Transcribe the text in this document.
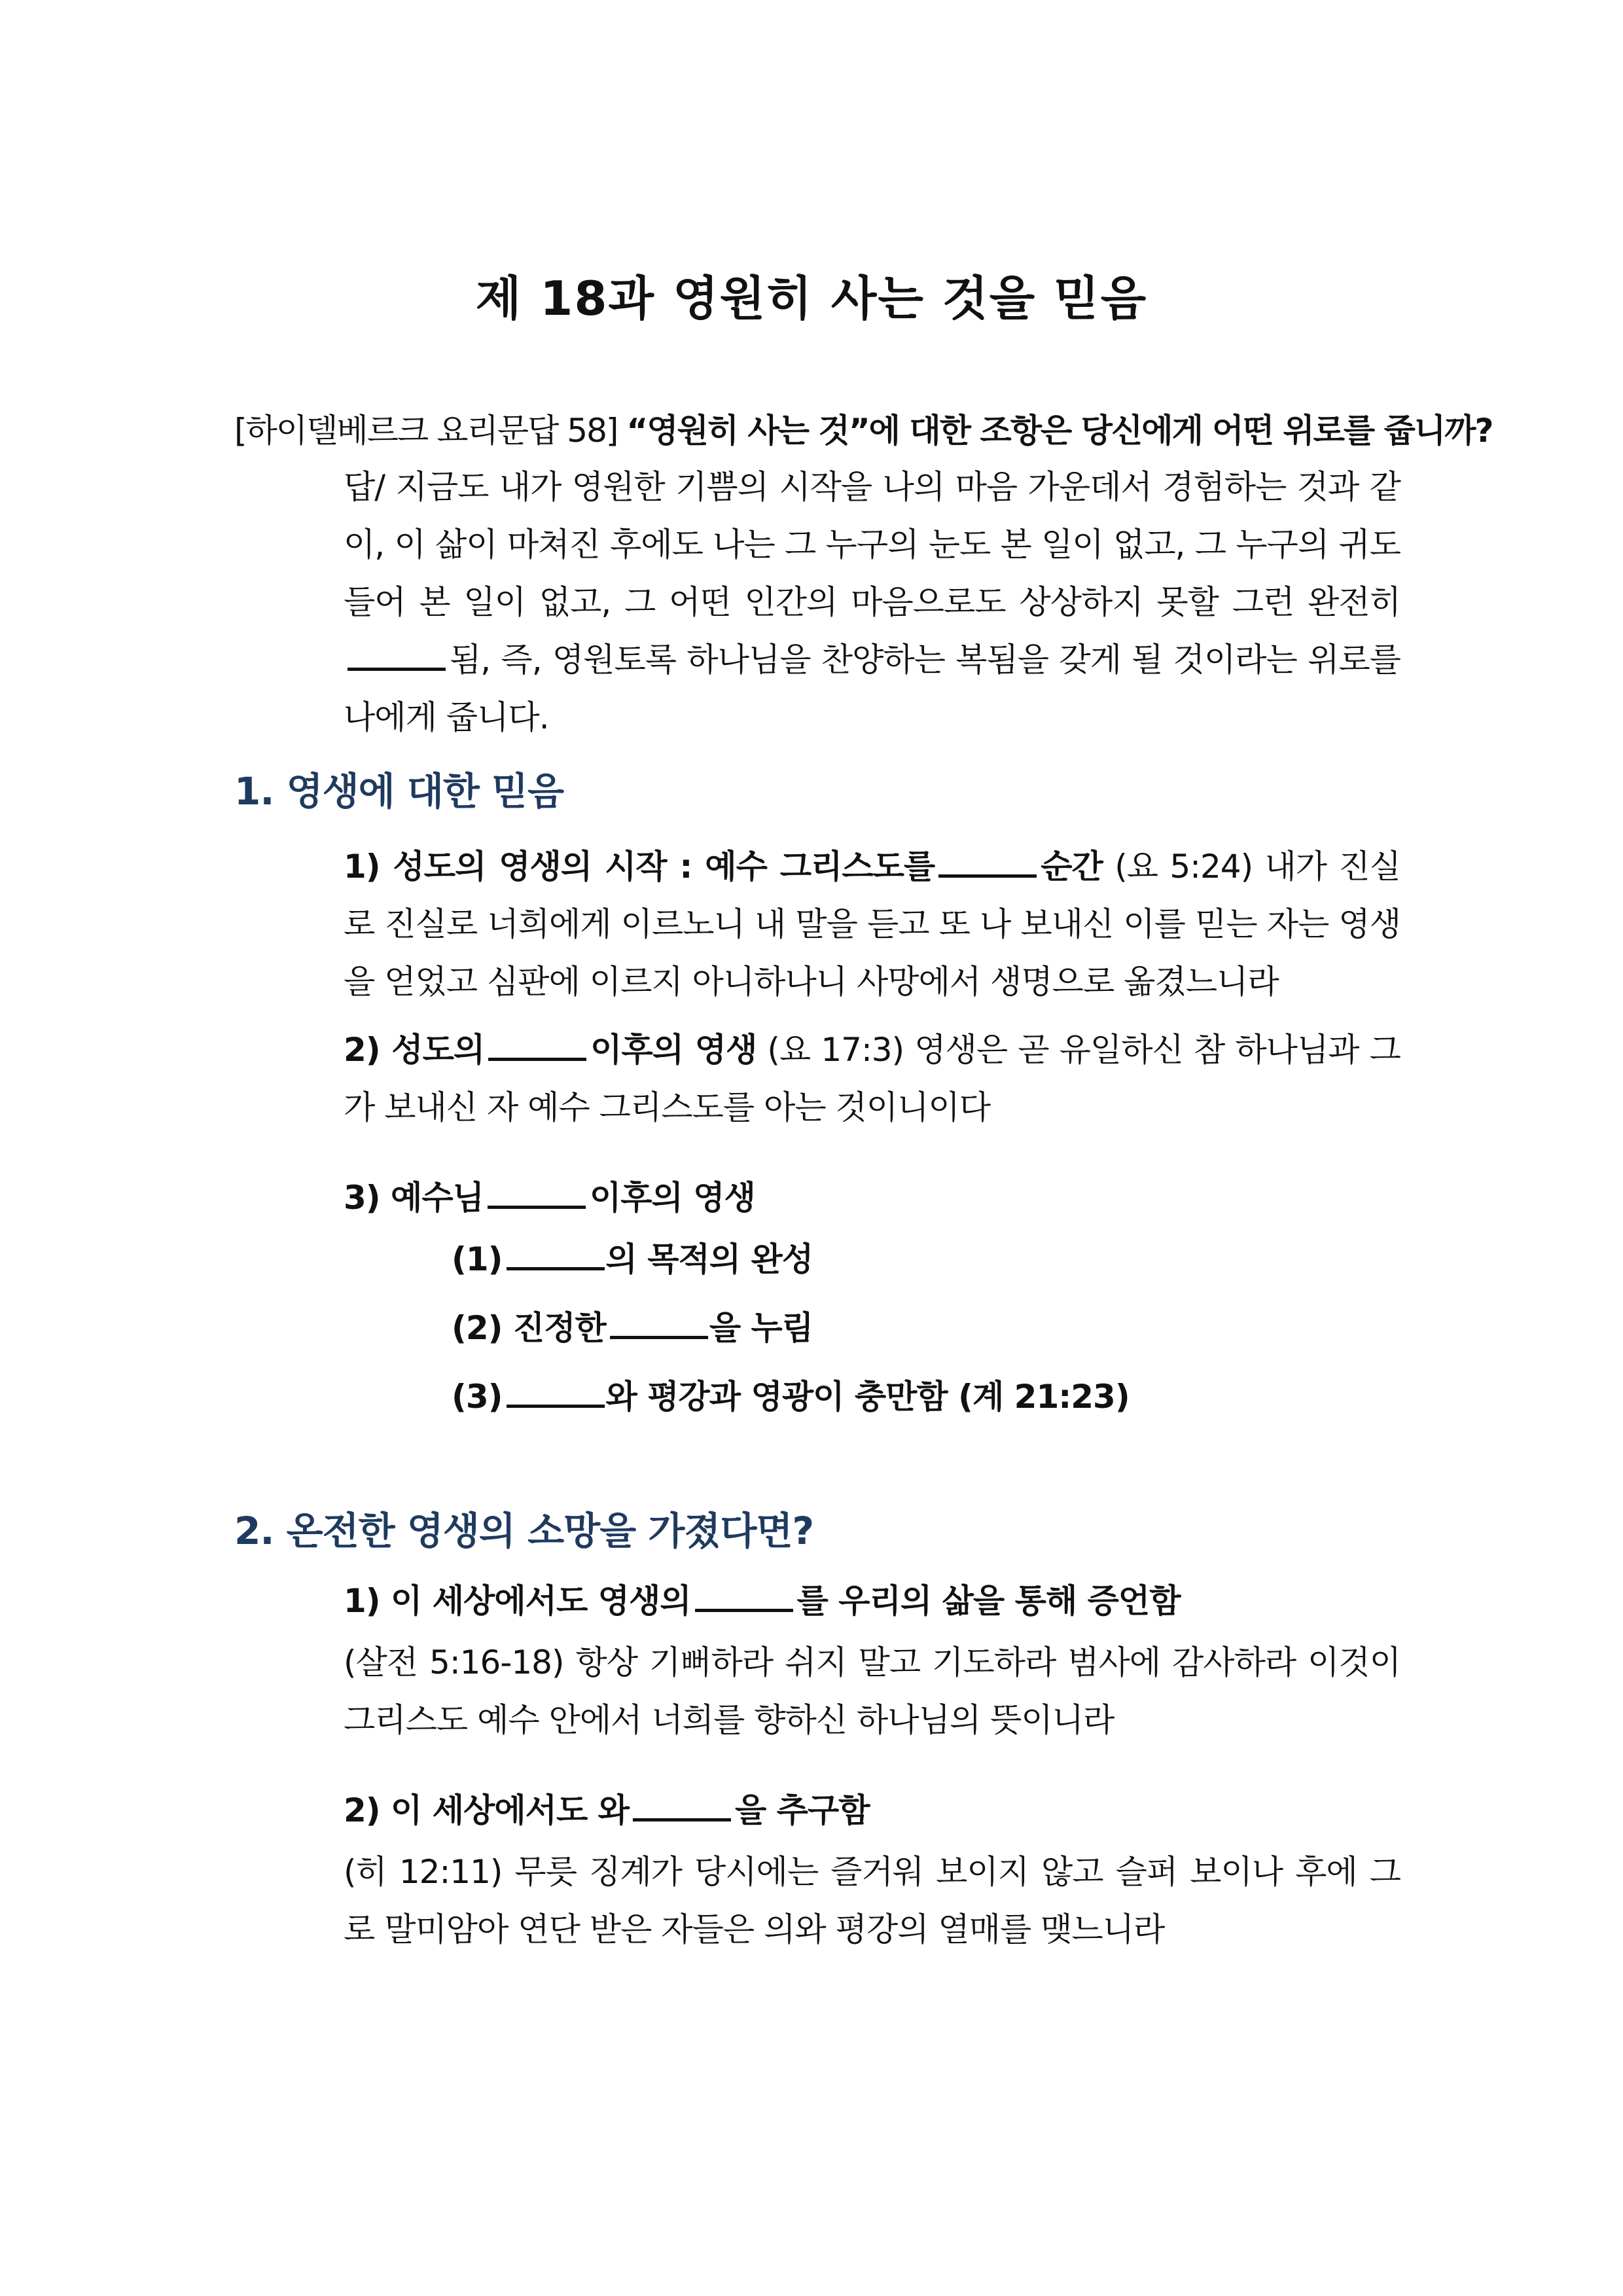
제 18과 영원히 사는 것을 믿음
[하이델베르크 요리문답 58] “영원히 사는 것”에 대한 조항은 당신에게 어떤 위로를 줍니까?
답/ 지금도 내가 영원한 기쁨의 시작을 나의 마음 가운데서 경험하는 것과 같이, 이 삶이 마쳐진 후에도 나는 그 누구의 눈도 본 일이 없고, 그 누구의 귀도 들어 본 일이 없고, 그 어떤 인간의 마음으로도 상상하지 못할 그런 완전히됨, 즉, 영원토록 하나님을 찬양하는 복됨을 갖게 될 것이라는 위로를 나에게 줍니다.
1. 영생에 대한 믿음
1) 성도의 영생의 시작 : 예수 그리스도를	순간 (요 5:24) 내가 진실로 진실로 너희에게 이르노니 내 말을 듣고 또 나 보내신 이를 믿는 자는 영생을 얻었고 심판에 이르지 아니하나니 사망에서 생명으로 옮겼느니라
2) 성도의	이후의 영생 (요 17:3) 영생은 곧 유일하신 참 하나님과 그가 보내신 자 예수 그리스도를 아는 것이니이다
3) 예수님	이후의 영생
(1)	의 목적의 완성
(2) 진정한	을 누림
(3)	와 평강과 영광이 충만함 (계 21:23)
2. 온전한 영생의 소망을 가졌다면?
1) 이 세상에서도 영생의	를 우리의 삶을 통해 증언함
(살전 5:16-18) 항상 기뻐하라 쉬지 말고 기도하라 범사에 감사하라 이것이 그리스도 예수 안에서 너희를 향하신 하나님의 뜻이니라
2) 이 세상에서도 와	을 추구함
(히 12:11) 무릇 징계가 당시에는 즐거워 보이지 않고 슬퍼 보이나 후에 그로 말미암아 연단 받은 자들은 의와 평강의 열매를 맺느니라
